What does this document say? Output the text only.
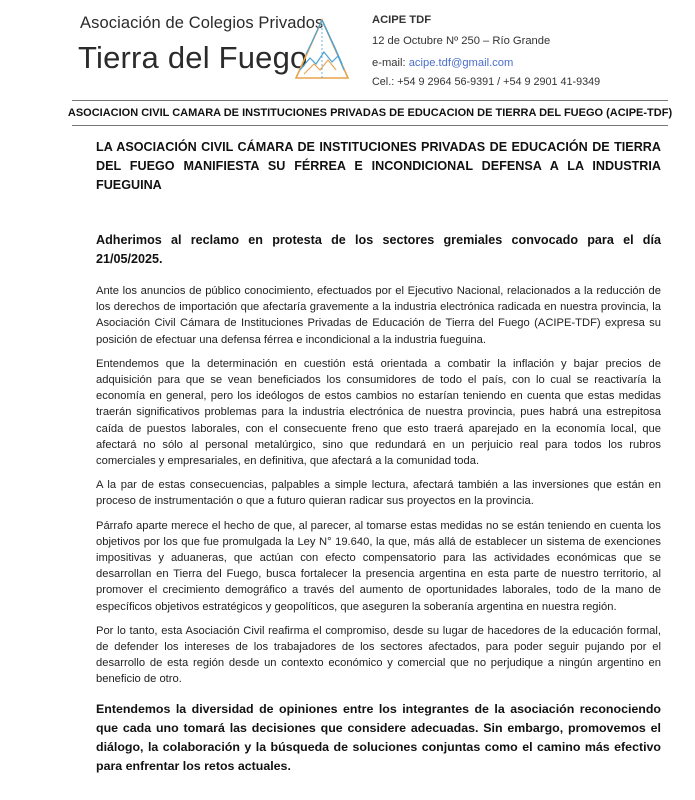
Asociación de Colegios Privados
Tierra del Fuego
ACIPE TDF
12 de Octubre Nº 250 – Río Grande
e-mail: acipe.tdf@gmail.com
Cel.: +54 9 2964 56-9391 / +54 9 2901 41-9349
ASOCIACION CIVIL CAMARA DE INSTITUCIONES PRIVADAS DE EDUCACION DE TIERRA DEL FUEGO (ACIPE-TDF)
LA ASOCIACIÓN CIVIL CÁMARA DE INSTITUCIONES PRIVADAS DE EDUCACIÓN DE TIERRA DEL FUEGO MANIFIESTA SU FÉRREA E INCONDICIONAL DEFENSA A LA INDUSTRIA FUEGUINA
Adherimos al reclamo en protesta de los sectores gremiales convocado para el día 21/05/2025.
Ante los anuncios de público conocimiento, efectuados por el Ejecutivo Nacional, relacionados a la reducción de los derechos de importación que afectaría gravemente a la industria electrónica radicada en nuestra provincia, la Asociación Civil Cámara de Instituciones Privadas de Educación de Tierra del Fuego (ACIPE-TDF) expresa su posición de efectuar una defensa férrea e incondicional a la industria fueguina.
Entendemos que la determinación en cuestión está orientada a combatir la inflación y bajar precios de adquisición para que se vean beneficiados los consumidores de todo el país, con lo cual se reactivaría la economía en general, pero los ideólogos de estos cambios no estarían teniendo en cuenta que estas medidas traerán significativos problemas para la industria electrónica de nuestra provincia, pues habrá una estrepitosa caída de puestos laborales, con el consecuente freno que esto traerá aparejado en la economía local, que afectará no sólo al personal metalúrgico, sino que redundará en un perjuicio real para todos los rubros comerciales y empresariales, en definitiva, que afectará a la comunidad toda.
A la par de estas consecuencias, palpables a simple lectura, afectará también a las inversiones que están en proceso de instrumentación o que a futuro quieran radicar sus proyectos en la provincia.
Párrafo aparte merece el hecho de que, al parecer, al tomarse estas medidas no se están teniendo en cuenta los objetivos por los que fue promulgada la Ley N° 19.640, la que, más allá de establecer un sistema de exenciones impositivas y aduaneras, que actúan con efecto compensatorio para las actividades económicas que se desarrollan en Tierra del Fuego, busca fortalecer la presencia argentina en esta parte de nuestro territorio, al promover el crecimiento demográfico a través del aumento de oportunidades laborales, todo de la mano de específicos objetivos estratégicos y geopolíticos, que aseguren la soberanía argentina en nuestra región.
Por lo tanto, esta Asociación Civil reafirma el compromiso, desde su lugar de hacedores de la educación formal, de defender los intereses de los trabajadores de los sectores afectados, para poder seguir pujando por el desarrollo de esta región desde un contexto económico y comercial que no perjudique a ningún argentino en beneficio de otro.
Entendemos la diversidad de opiniones entre los integrantes de la asociación reconociendo que cada uno tomará las decisiones que considere adecuadas. Sin embargo, promovemos el diálogo, la colaboración y la búsqueda de soluciones conjuntas como el camino más efectivo para enfrentar los retos actuales.
